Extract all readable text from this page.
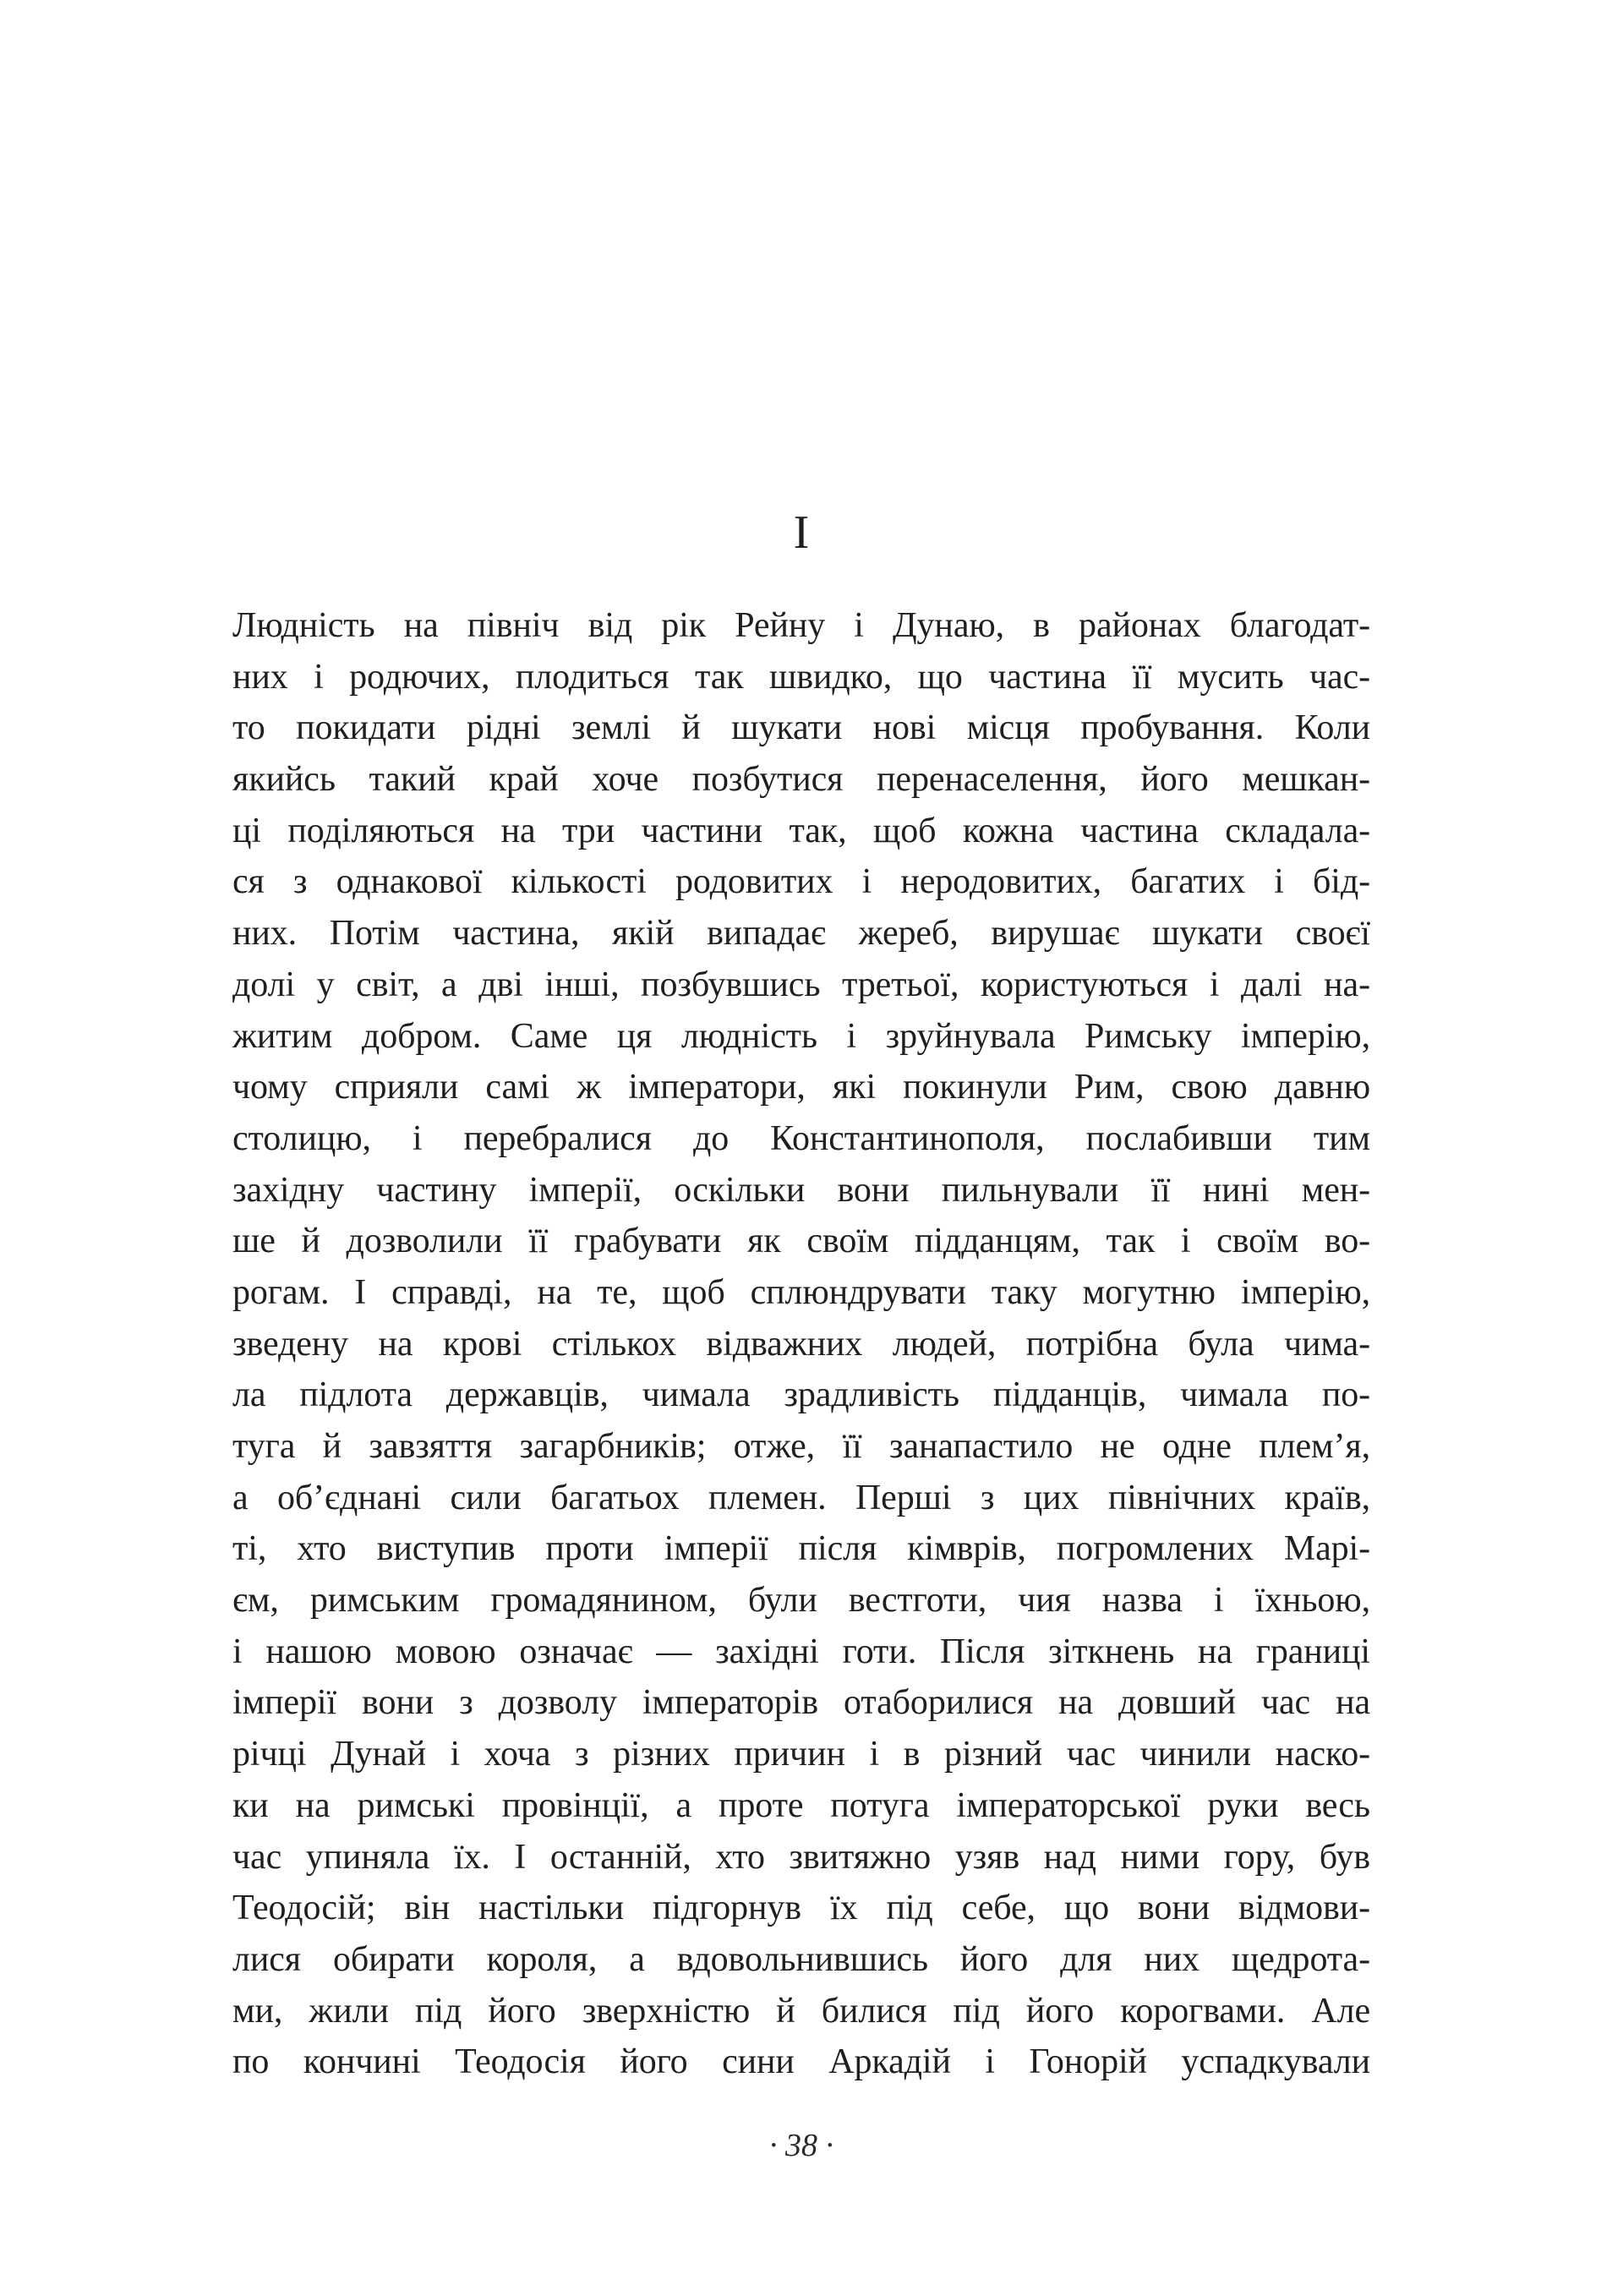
І
Людність на північ від рік Рейну і Дунаю, в районах благодат-
них і родючих, плодиться так швидко, що частина її мусить час-
то покидати рідні землі й шукати нові місця пробування. Коли
якийсь такий край хоче позбутися перенаселення, його мешкан-
ці поділяються на три частини так, щоб кожна частина складала-
ся з однакової кількості родовитих і неродовитих, багатих і бід-
них. Потім частина, якій випадає жереб, вирушає шукати своєї
долі у світ, а дві інші, позбувшись третьої, користуються і далі на-
житим добром. Саме ця людність і зруйнувала Римську імперію,
чому сприяли самі ж імператори, які покинули Рим, свою давню
столицю, і перебралися до Константинополя, послабивши тим
західну частину імперії, оскільки вони пильнували її нині мен-
ше й дозволили її грабувати як своїм підданцям, так і своїм во-
рогам. І справді, на те, щоб сплюндрувати таку могутню імперію,
зведену на крові стількох відважних людей, потрібна була чима-
ла підлота державців, чимала зрадливість підданців, чимала по-
туга й завзяття загарбників; отже, її занапастило не одне плем’я,
а об’єднані сили багатьох племен. Перші з цих північних країв,
ті, хто виступив проти імперії після кімврів, погромлених Марі-
єм, римським громадянином, були вестготи, чия назва і їхньою,
і нашою мовою означає — західні готи. Після зіткнень на границі
імперії вони з дозволу імператорів отаборилися на довший час на
річці Дунай і хоча з різних причин і в різний час чинили наско-
ки на римські провінції, а проте потуга імператорської руки весь
час упиняла їх. І останній, хто звитяжно узяв над ними гору, був
Теодосій; він настільки підгорнув їх під себе, що вони відмови-
лися обирати короля, а вдовольнившись його для них щедрота-
ми, жили під його зверхністю й билися під його корогвами. Але
по кончині Теодосія його сини Аркадій і Гонорій успадкували
· 38 ·
